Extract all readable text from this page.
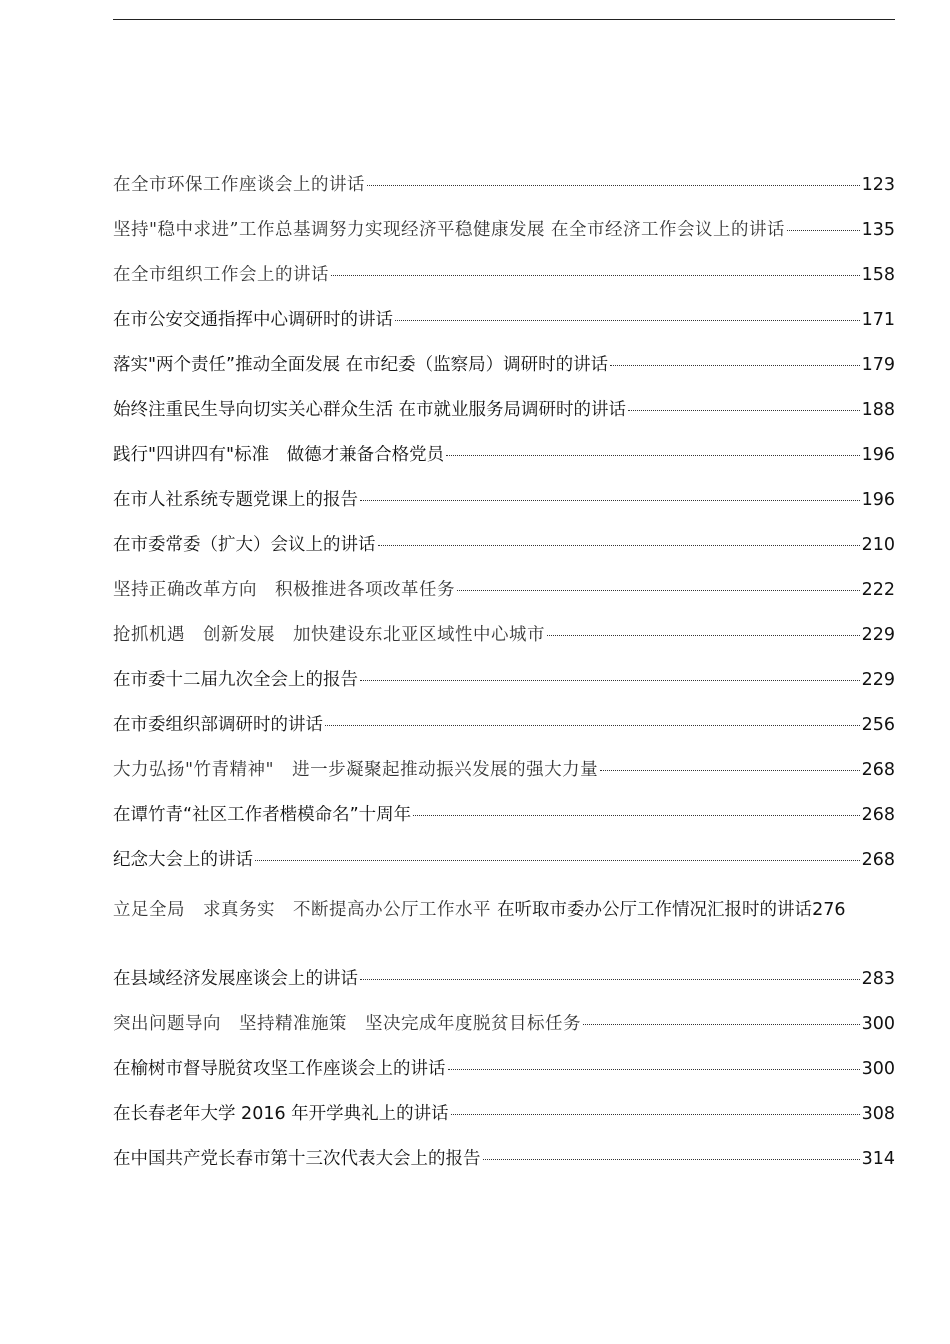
在全市环保工作座谈会上的讲话	123
坚持"稳中求进”工作总基调努力实现经济平稳健康发展 在全市经济工作会议上的讲话	135
在全市组织工作会上的讲话	158
在市公安交通指挥中心调研时的讲话	171
落实"两个责任”推动全面发展 在市纪委（监察局）调研时的讲话	179
始终注重民生导向切实关心群众生活 在市就业服务局调研时的讲话	188
践行"四讲四有"标准　做德才兼备合格党员	196
在市人社系统专题党课上的报告	196
在市委常委（扩大）会议上的讲话	210
坚持正确改革方向　积极推进各项改革任务	222
抢抓机遇　创新发展　加快建设东北亚区域性中心城市	229
在市委十二届九次全会上的报告	229
在市委组织部调研时的讲话	256
大力弘扬"竹青精神"　进一步凝聚起推动振兴发展的强大力量	268
在谭竹青“社区工作者楷模命名”十周年	268
纪念大会上的讲话	268
立足全局　求真务实　不断提高办公厅工作水平 在听取市委办公厅工作情况汇报时的讲话276
在县域经济发展座谈会上的讲话	283
突出问题导向　坚持精准施策　坚决完成年度脱贫目标任务	300
在榆树市督导脱贫攻坚工作座谈会上的讲话	300
在长春老年大学 2016 年开学典礼上的讲话	308
在中国共产党长春市第十三次代表大会上的报告	314
